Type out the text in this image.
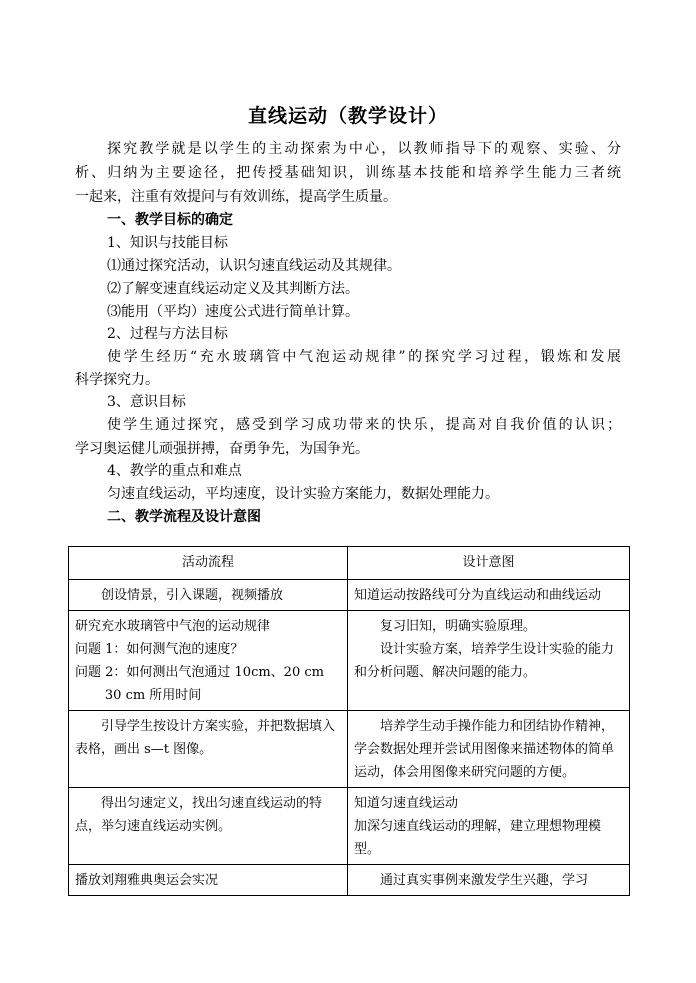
直线运动（教学设计）
探究教学就是以学生的主动探索为中心，以教师指导下的观察、实验、分
析、归纳为主要途径，把传授基础知识，训练基本技能和培养学生能力三者统
一起来，注重有效提问与有效训练，提高学生质量。
一、教学目标的确定
1、知识与技能目标
⑴通过探究活动，认识匀速直线运动及其规律。
⑵了解变速直线运动定义及其判断方法。
⑶能用（平均）速度公式进行简单计算。
2、过程与方法目标
使学生经历“充水玻璃管中气泡运动规律”的探究学习过程，锻炼和发展
科学探究力。
3、意识目标
使学生通过探究，感受到学习成功带来的快乐，提高对自我价值的认识；
学习奥运健儿顽强拼搏，奋勇争先，为国争光。
4、教学的重点和难点
匀速直线运动，平均速度，设计实验方案能力，数据处理能力。
二、教学流程及设计意图
活动流程	设计意图

创设情景，引入课题，视频播放	知道运动按路线可分为直线运动和曲线运动

研究充水玻璃管中气泡的运动规律
问题 1：如何测气泡的速度？
问题 2：如何测出气泡通过 10cm、20 cm
30 cm 所用时间	复习旧知，明确实验原理。
设计实验方案，培养学生设计实验的能力和分析问题、解决问题的能力。

引导学生按设计方案实验，并把数据填入表格，画出 s—t 图像。	培养学生动手操作能力和团结协作精神，学会数据处理并尝试用图像来描述物体的简单运动，体会用图像来研究问题的方便。

得出匀速定义，找出匀速直线运动的特点，举匀速直线运动实例。	知道匀速直线运动
加深匀速直线运动的理解，建立理想物理模型。

播放刘翔雅典奥运会实况	通过真实事例来激发学生兴趣，学习
